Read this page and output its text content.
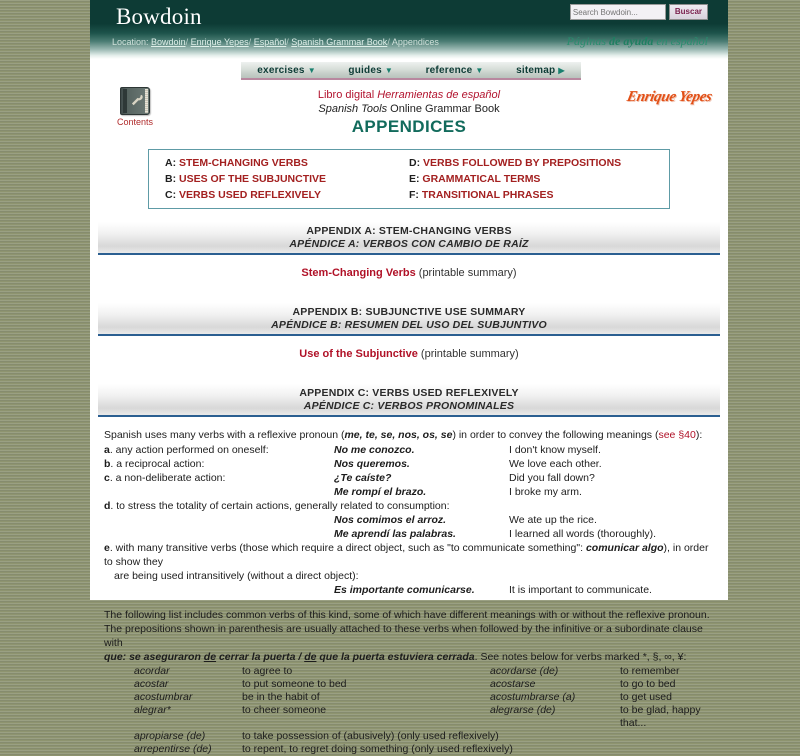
Bowdoin
Search Bowdoin...	Buscar
Location: Bowdoin/ Enrique Yepes/ Español/ Spanish Grammar Book/ Appendices	Páginas de ayuda en español
exercises ▼	guides ▼	reference ▼	sitemap ▶
Contents
Libro digital Herramientas de español
Spanish Tools Online Grammar Book
APPENDICES
Enrique Yepes
A: STEM-CHANGING VERBS	D: VERBS FOLLOWED BY PREPOSITIONS
B: USES OF THE SUBJUNCTIVE	E: GRAMMATICAL TERMS
C: VERBS USED REFLEXIVELY	F: TRANSITIONAL PHRASES
APPENDIX A: STEM-CHANGING VERBS
APÉNDICE A: VERBOS CON CAMBIO DE RAÍZ
Stem-Changing Verbs (printable summary)
APPENDIX B: SUBJUNCTIVE USE SUMMARY
APÉNDICE B: RESUMEN DEL USO DEL SUBJUNTIVO
Use of the Subjunctive (printable summary)
APPENDIX C: VERBS USED REFLEXIVELY
APÉNDICE C: VERBOS PRONOMINALES

Spanish uses many verbs with a reflexive pronoun (me, te, se, nos, os, se) in order to convey the following meanings (see §40):

a. any action performed on oneself:	No me conozco.	I don't know myself.
b. a reciprocal action:	Nos queremos.	We love each other.
c. a non-deliberate action:	¿Te caíste?	Did you fall down?
Me rompí el brazo.	I broke my arm.
d. to stress the totality of certain actions, generally related to consumption:
Nos comimos el arroz.	We ate up the rice.
Me aprendí las palabras.	I learned all words (thoroughly).
e. with many transitive verbs (those which require a direct object, such as "to communicate something": comunicar algo), in order to show they
are being used intransitively (without a direct object):
Es importante comunicarse.	It is important to communicate.
The following list includes common verbs of this kind, some of which have different meanings with or without the reflexive pronoun.
The prepositions shown in parenthesis are usually attached to these verbs when followed by the infinitive or a subordinate clause with
que: se aseguraron de cerrar la puerta / de que la puerta estuviera cerrada. See notes below for verbs marked *, §, ∞, ¥:
acordar	to agree to	acordarse (de)	to remember
acostar	to put someone to bed	acostarse	to go to bed
acostumbrar	be in the habit of	acostumbrarse (a)	to get used
alegrar*	to cheer someone	alegrarse (de)	to be glad, happy that...
apropiarse (de)	to take possession of (abusively) (only used reflexively)
arrepentirse (de)	to repent, to regret doing something (only used reflexively)
